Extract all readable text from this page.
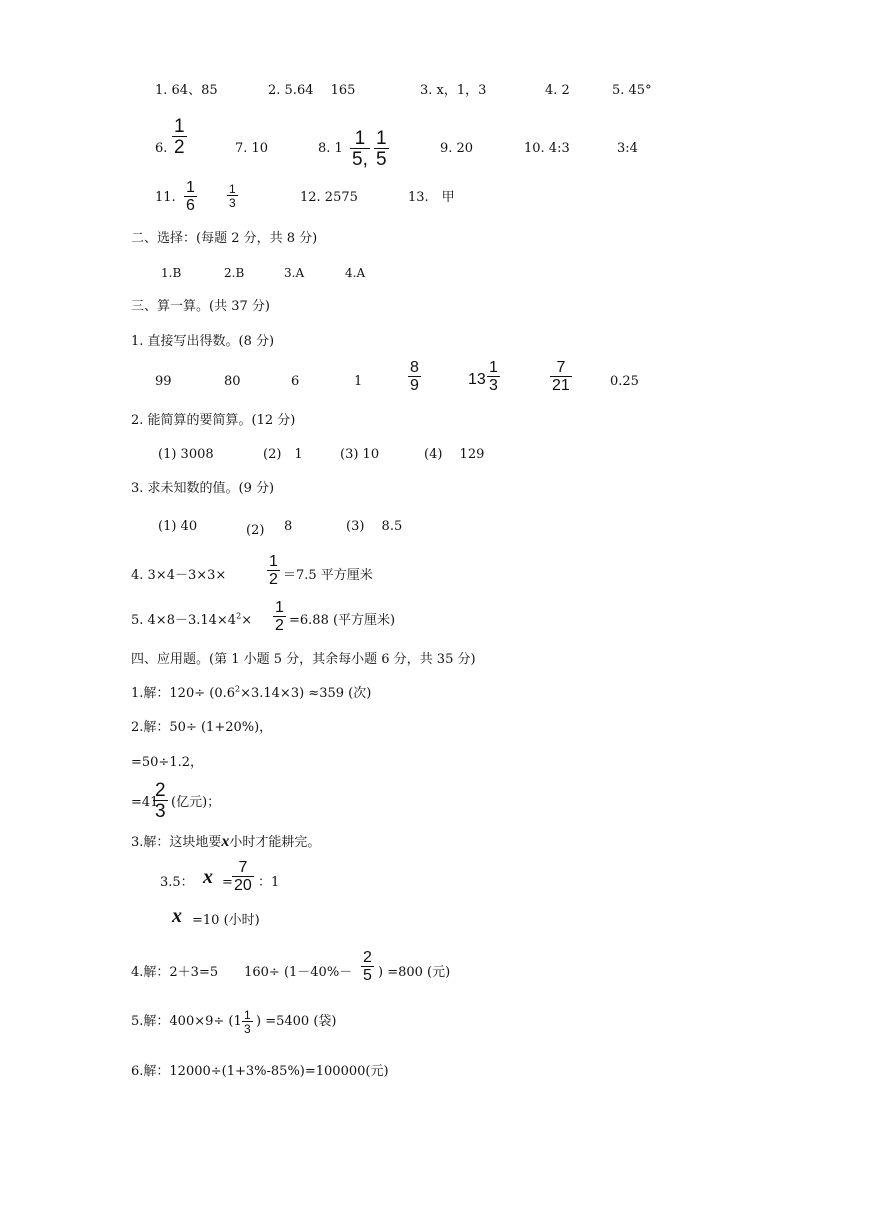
1. 64、85	2. 5.64　 165	3. x，1，3	4. 2	5. 45°
6. $\frac{1}{2}$	7. 10	8. $1 \frac{1}{5,} \frac{1}{5}$	9. 20	10. 4:3	3:4
11. $\frac{1}{6}$	$\frac{1}{3}$	12. 2575	13.　甲
二、选择：(每题 2 分，共 8 分)
1.B	2.B	3.A	4.A
三、算一算。(共 37 分)
1. 直接写出得数。(8 分)
99	80	6	1	$\frac{8}{9}$	$13 \frac{1}{3}$	$\frac{7}{21}$	0.25
2. 能简算的要简算。(12 分)
(1) 3008	(2)　1	(3) 10	(4)　 129
3. 求未知数的值。(9 分)
(1) 40	(2) 8	(3)　 8.5
4. 3×4－3×3×	$\frac{1}{2} =7.5$ 平方厘米
5. $4\times 8-3.14\times 4^2\times \frac{1}{2} =6.88$ (平方厘米)
四、应用题。(第 1 小题 5 分，其余每小题 6 分，共 35 分)
1.解：$120\div (0.6^2\times 3.14\times 3) \approx 359$ (次)
2.解：50÷ (1+20%)，
=50÷1.2，
=41
$\frac{2}{3}$ (亿元)；
3.解：这块地要x小时才能耕完。
3.5： $x = \frac{7}{20}$ ：1
x =10 (小时)
4.解：2＋3=5　　$160\div (1-40\%- \frac{2}{5}$ ) =800 (元)
5.解：400×9÷ (1-
$\frac{1}{3}$ ) =5400 (袋)
6.解：12000÷(1+3%-85%)=100000(元)
